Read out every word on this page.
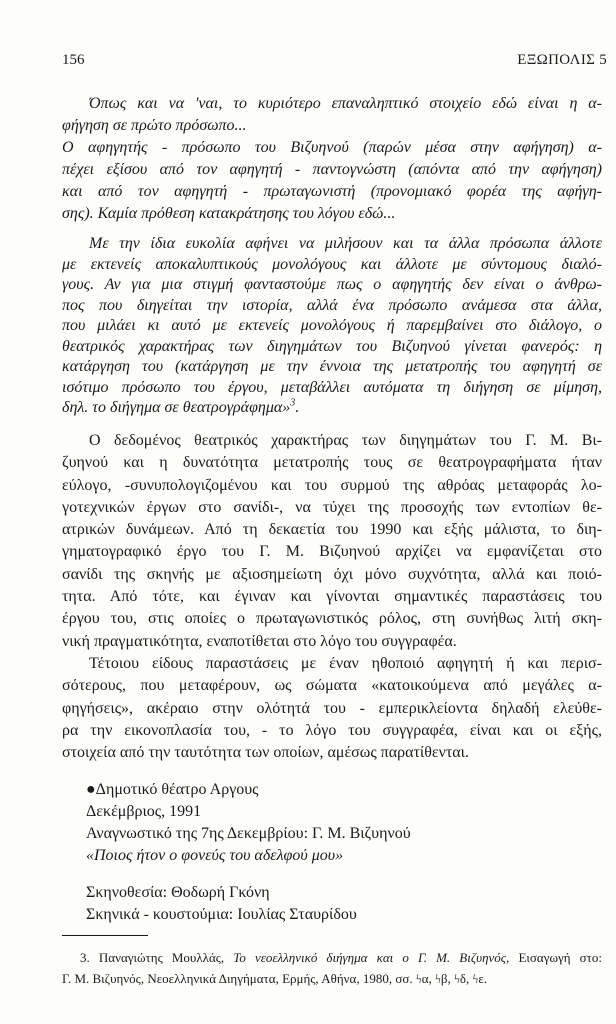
156	ΕΞΩΠΟΛΙΣ 5
Όπως και να 'ναι, το κυριότερο επαναληπτικό στοιχείο εδώ είναι η α-
φήγηση σε πρώτο πρόσωπο...
Ο αφηγητής - πρόσωπο του Βιζυηνού (παρών μέσα στην αφήγηση) α-
πέχει εξίσου από τον αφηγητή - παντογνώστη (απόντα από την αφήγηση)
και από τον αφηγητή - πρωταγωνιστή (προνομιακό φορέα της αφήγη-
σης). Καμία πρόθεση κατακράτησης του λόγου εδώ...
Με την ίδια ευκολία αφήνει να μιλήσουν και τα άλλα πρόσωπα άλλοτε
με εκτενείς αποκαλυπτικούς μονολόγους και άλλοτε με σύντομους διαλό-
γους. Αν για μια στιγμή φανταστούμε πως ο αφηγητής δεν είναι ο άνθρω-
πος που διηγείται την ιστορία, αλλά ένα πρόσωπο ανάμεσα στα άλλα,
που μιλάει κι αυτό με εκτενείς μονολόγους ή παρεμβαίνει στο διάλογο, ο
θεατρικός χαρακτήρας των διηγημάτων του Βιζυηνού γίνεται φανερός: η
κατάργηση του (κατάργηση με την έννοια της μετατροπής του αφηγητή σε
ισότιμο πρόσωπο του έργου, μεταβάλλει αυτόματα τη διήγηση σε μίμηση,
δηλ. το διήγημα σε θεατρογράφημα»$^3$.
Ο δεδομένος θεατρικός χαρακτήρας των διηγημάτων του Γ. Μ. Βι-
ζυηνού και η δυνατότητα μετατροπής τους σε θεατρογραφήματα ήταν
εύλογο, -συνυπολογιζομένου και του συρμού της αθρόας μεταφοράς λο-
γοτεχνικών έργων στο σανίδι-, να τύχει της προσοχής των εντοπίων θε-
ατρικών δυνάμεων. Από τη δεκαετία του 1990 και εξής μάλιστα, το διη-
γηματογραφικό έργο του Γ. Μ. Βιζυηνού αρχίζει να εμφανίζεται στο
σανίδι της σκηνής με αξιοσημείωτη όχι μόνο συχνότητα, αλλά και ποιό-
τητα. Από τότε, και έγιναν και γίνονται σημαντικές παραστάσεις του
έργου του, στις οποίες ο πρωταγωνιστικός ρόλος, στη συνήθως λιτή σκη-
νική πραγματικότητα, εναποτίθεται στο λόγο του συγγραφέα.
Τέτοιου είδους παραστάσεις με έναν ηθοποιό αφηγητή ή και περισ-
σότερους, που μεταφέρουν, ως σώματα «κατοικούμενα από μεγάλες α-
φηγήσεις», ακέραιο στην ολότητά του - εμπερικλείοντα δηλαδή ελεύθε-
ρα την εικονοπλασία του, - το λόγο του συγγραφέα, είναι και οι εξής,
στοιχεία από την ταυτότητα των οποίων, αμέσως παρατίθενται.
●Δημοτικό θέατρο Αργους
Δεκέμβριος, 1991
Αναγνωστικό της 7ης Δεκεμβρίου: Γ. Μ. Βιζυηνού
«Ποιος ήτον ο φονεύς του αδελφού μου»
Σκηνοθεσία: Θοδωρή Γκόνη
Σκηνικά - κουστούμια: Ιουλίας Σταυρίδου
3. Παναγιώτης Μουλλάς, Το νεοελληνικό διήγημα και ο Γ. Μ. Βιζυηνός, Εισαγωγή στο:
Γ. Μ. Βιζυηνός, Νεοελληνικά Διηγήματα, Ερμής, Αθήνα, 1980, σσ. ϟα, ϟβ, ϟδ, ϟε.
